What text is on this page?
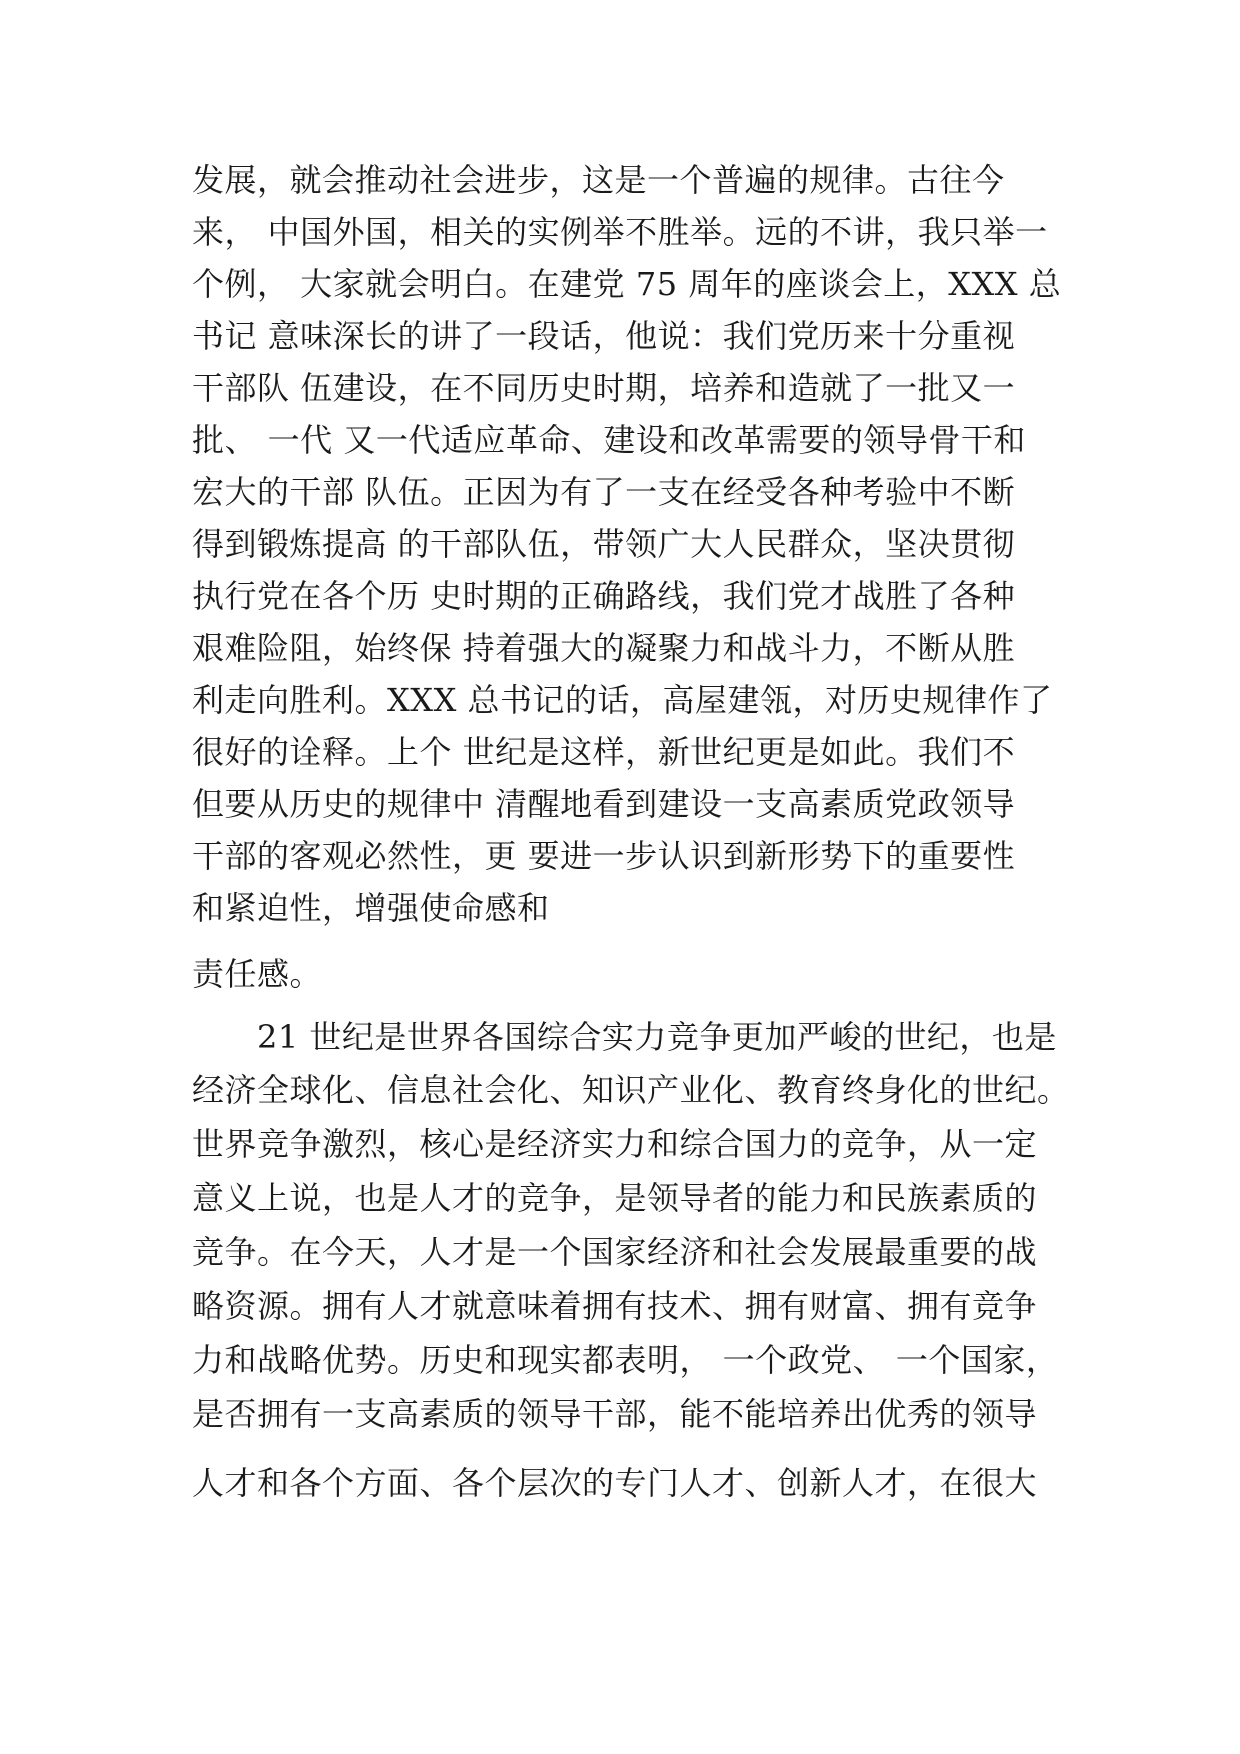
发展，就会推动社会进步，这是一个普遍的规律。古往今
来， 中国外国，相关的实例举不胜举。远的不讲，我只举一
个例， 大家就会明白。在建党 75 周年的座谈会上，XXX 总
书记 意味深长的讲了一段话，他说：我们党历来十分重视
干部队 伍建设，在不同历史时期，培养和造就了一批又一
批、 一代 又一代适应革命、建设和改革需要的领导骨干和
宏大的干部 队伍。正因为有了一支在经受各种考验中不断
得到锻炼提高 的干部队伍，带领广大人民群众，坚决贯彻
执行党在各个历 史时期的正确路线，我们党才战胜了各种
艰难险阻，始终保 持着强大的凝聚力和战斗力，不断从胜
利走向胜利。XXX 总书记的话，高屋建瓴，对历史规律作了
很好的诠释。上个 世纪是这样，新世纪更是如此。我们不
但要从历史的规律中 清醒地看到建设一支高素质党政领导
干部的客观必然性，更 要进一步认识到新形势下的重要性
和紧迫性，增强使命感和
责任感。
　　21 世纪是世界各国综合实力竞争更加严峻的世纪，也是
经济全球化、信息社会化、知识产业化、教育终身化的世纪。
世界竞争激烈，核心是经济实力和综合国力的竞争，从一定
意义上说，也是人才的竞争，是领导者的能力和民族素质的
竞争。在今天，人才是一个国家经济和社会发展最重要的战
略资源。拥有人才就意味着拥有技术、拥有财富、拥有竞争
力和战略优势。历史和现实都表明， 一个政党、 一个国家，
是否拥有一支高素质的领导干部，能不能培养出优秀的领导
人才和各个方面、各个层次的专门人才、创新人才，在很大
